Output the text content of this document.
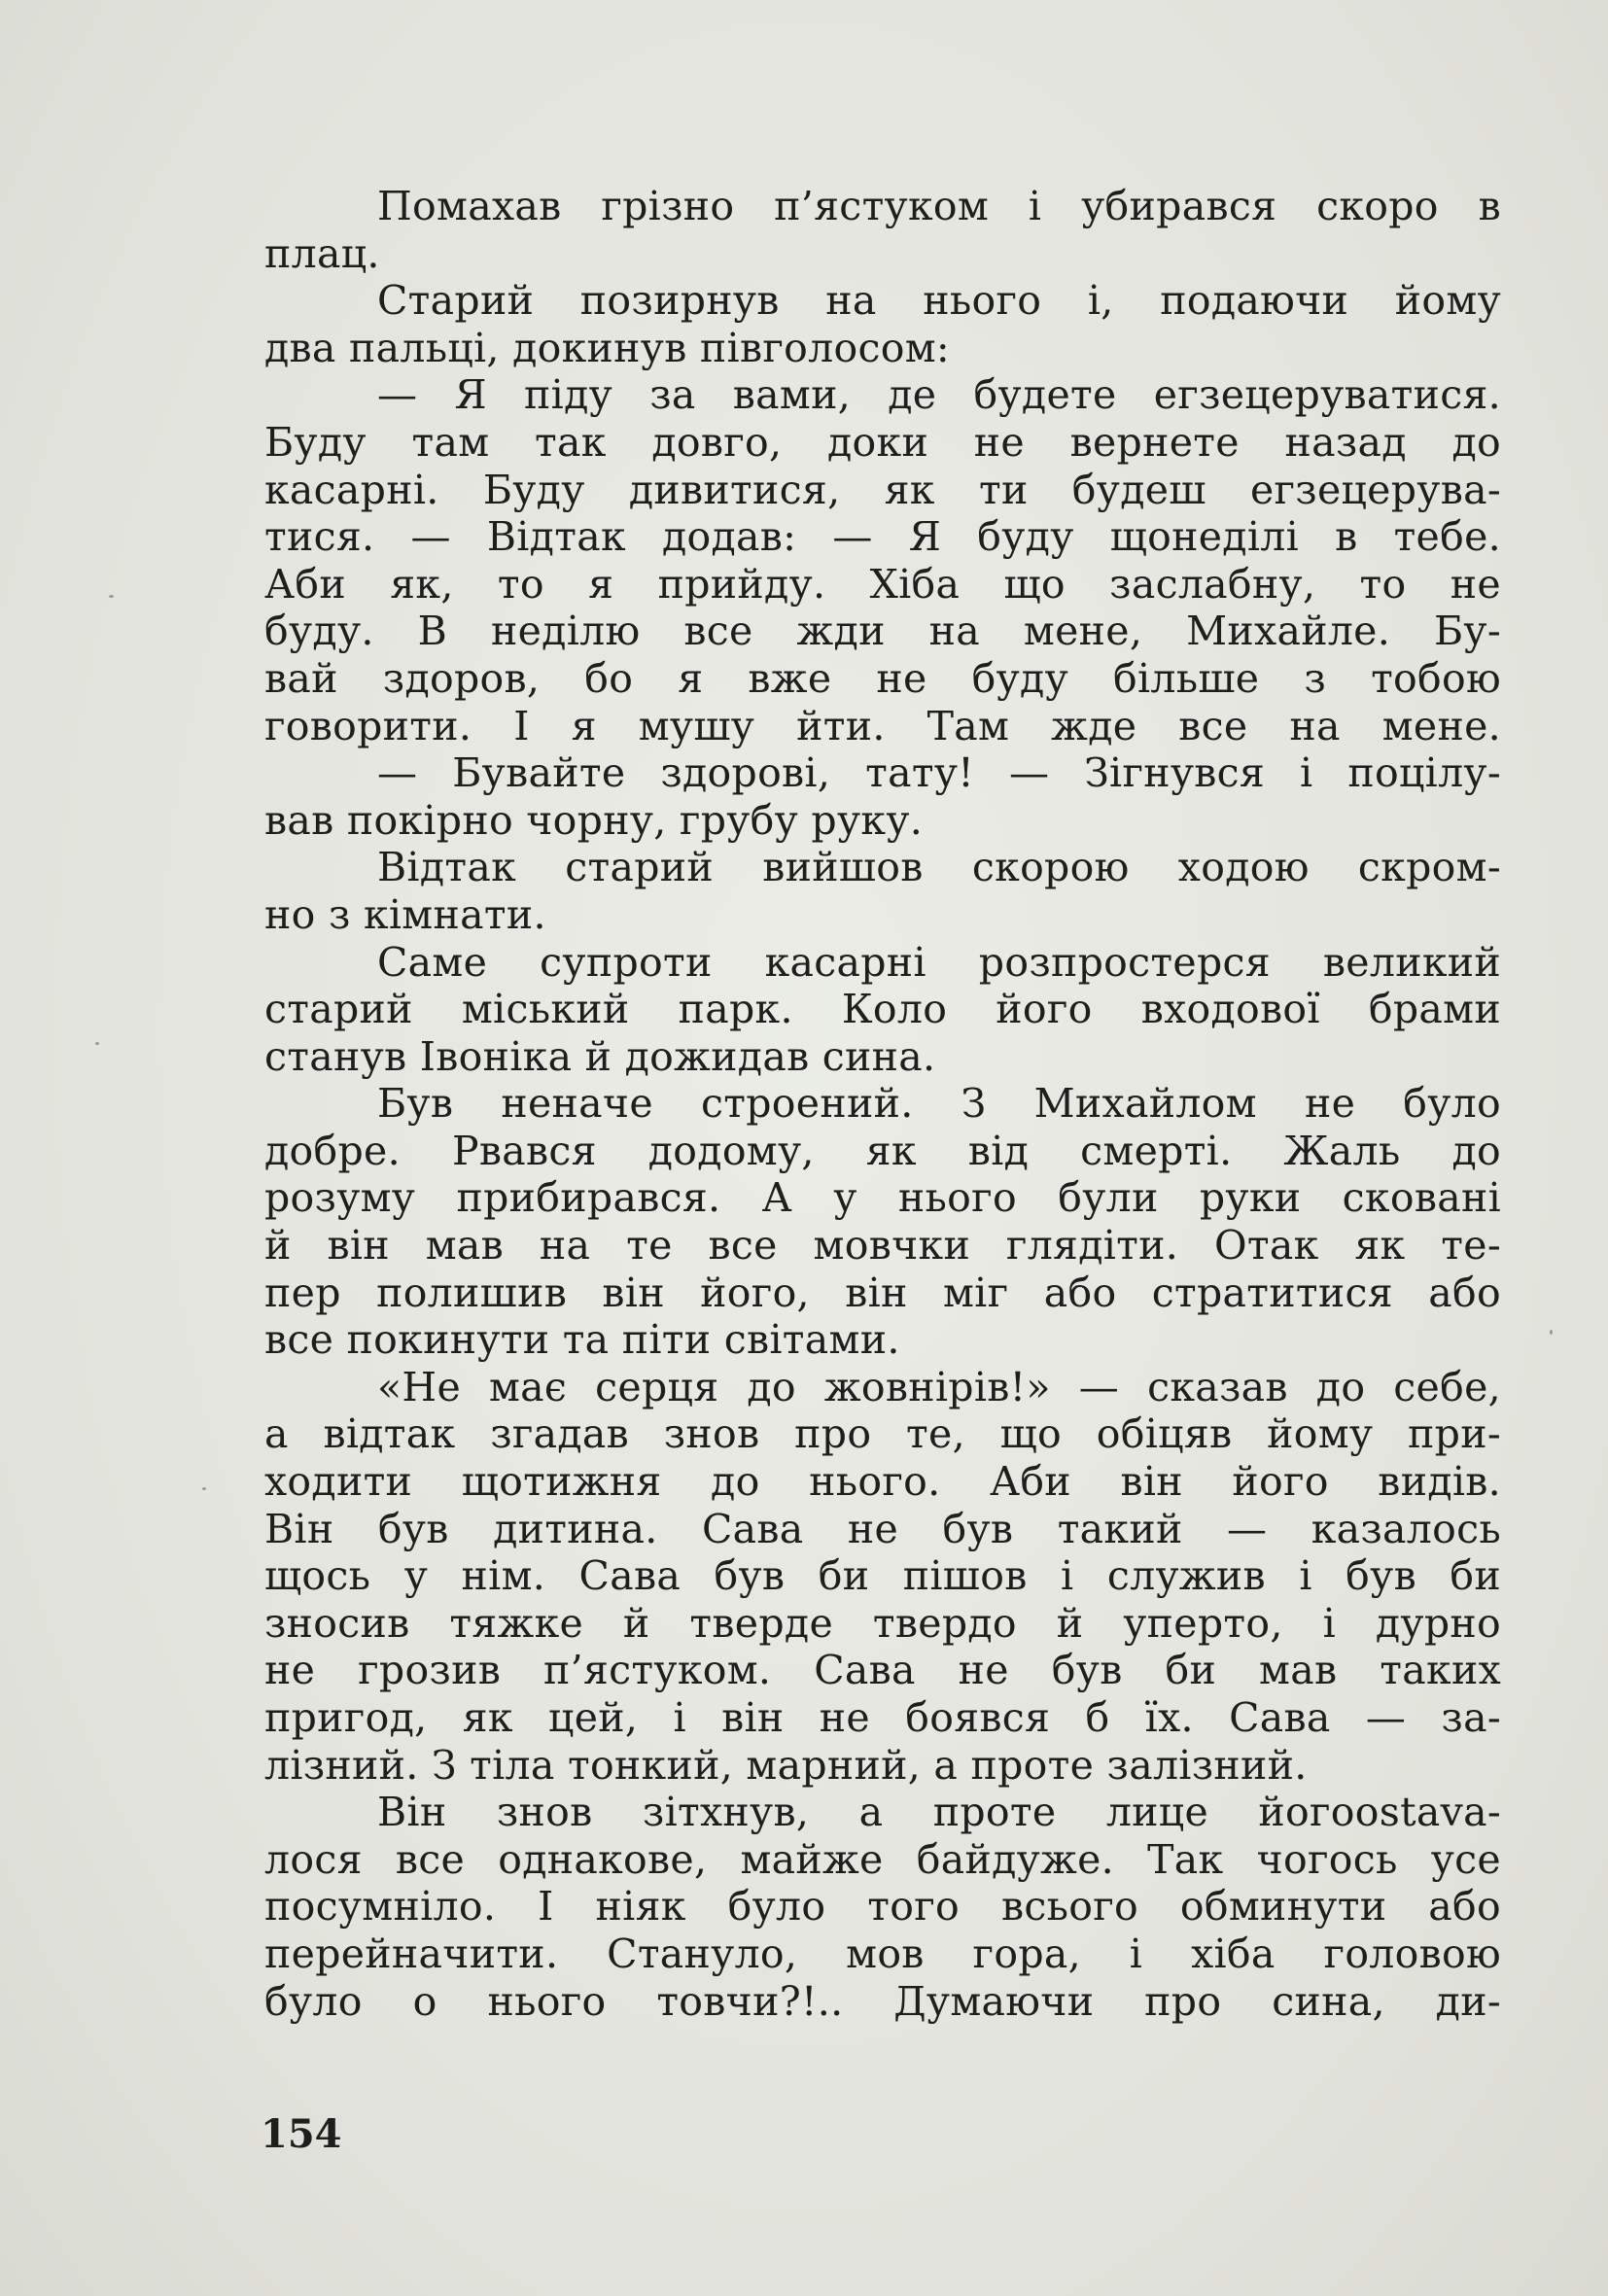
Помахав грізно п’ястуком і убирався скоро в
плац.
Старий позирнув на нього і, подаючи йому
два пальці, докинув півголосом:
— Я піду за вами, де будете егзецеруватися.
Буду там так довго, доки не вернете назад до
касарні. Буду дивитися, як ти будеш егзецерува-
тися. — Відтак додав: — Я буду щонеділі в тебе.
Аби як, то я прийду. Хіба що заслабну, то не
буду. В неділю все жди на мене, Михайле. Бу-
вай здоров, бо я вже не буду більше з тобою
говорити. І я мушу йти. Там жде все на мене.
— Бувайте здорові, тату! — Зігнувся і поцілу-
вав покірно чорну, грубу руку.
Відтак старий вийшов скорою ходою скром-
но з кімнати.
Саме супроти касарні розпростерся великий
старий міський парк. Коло його входової брами
станув Івоніка й дожидав сина.
Був неначе строений. З Михайлом не було
добре. Рвався додому, як від смерті. Жаль до
розуму прибирався. А у нього були руки сковані
й він мав на те все мовчки глядіти. Отак як те-
пер полишив він його, він міг або стратитися або
все покинути та піти світами.
«Не має серця до жовнірів!» — сказав до себе,
а відтак згадав знов про те, що обіцяв йому при-
ходити щотижня до нього. Аби він його видів.
Він був дитина. Сава не був такий — казалось
щось у нім. Сава був би пішов і служив і був би
зносив тяжке й тверде твердо й уперто, і дурно
не грозив п’ястуком. Сава не був би мав таких
пригод, як цей, і він не боявся б їх. Сава — за-
лізний. З тіла тонкий, марний, а проте залізний.
Він знов зітхнув, а проте лице йогоostava-
лося все однакове, майже байдуже. Так чогось усе
посумніло. І ніяк було того всього обминути або
перейначити. Стануло, мов гора, і хіба головою
було о нього товчи?!.. Думаючи про сина, ди-
154
